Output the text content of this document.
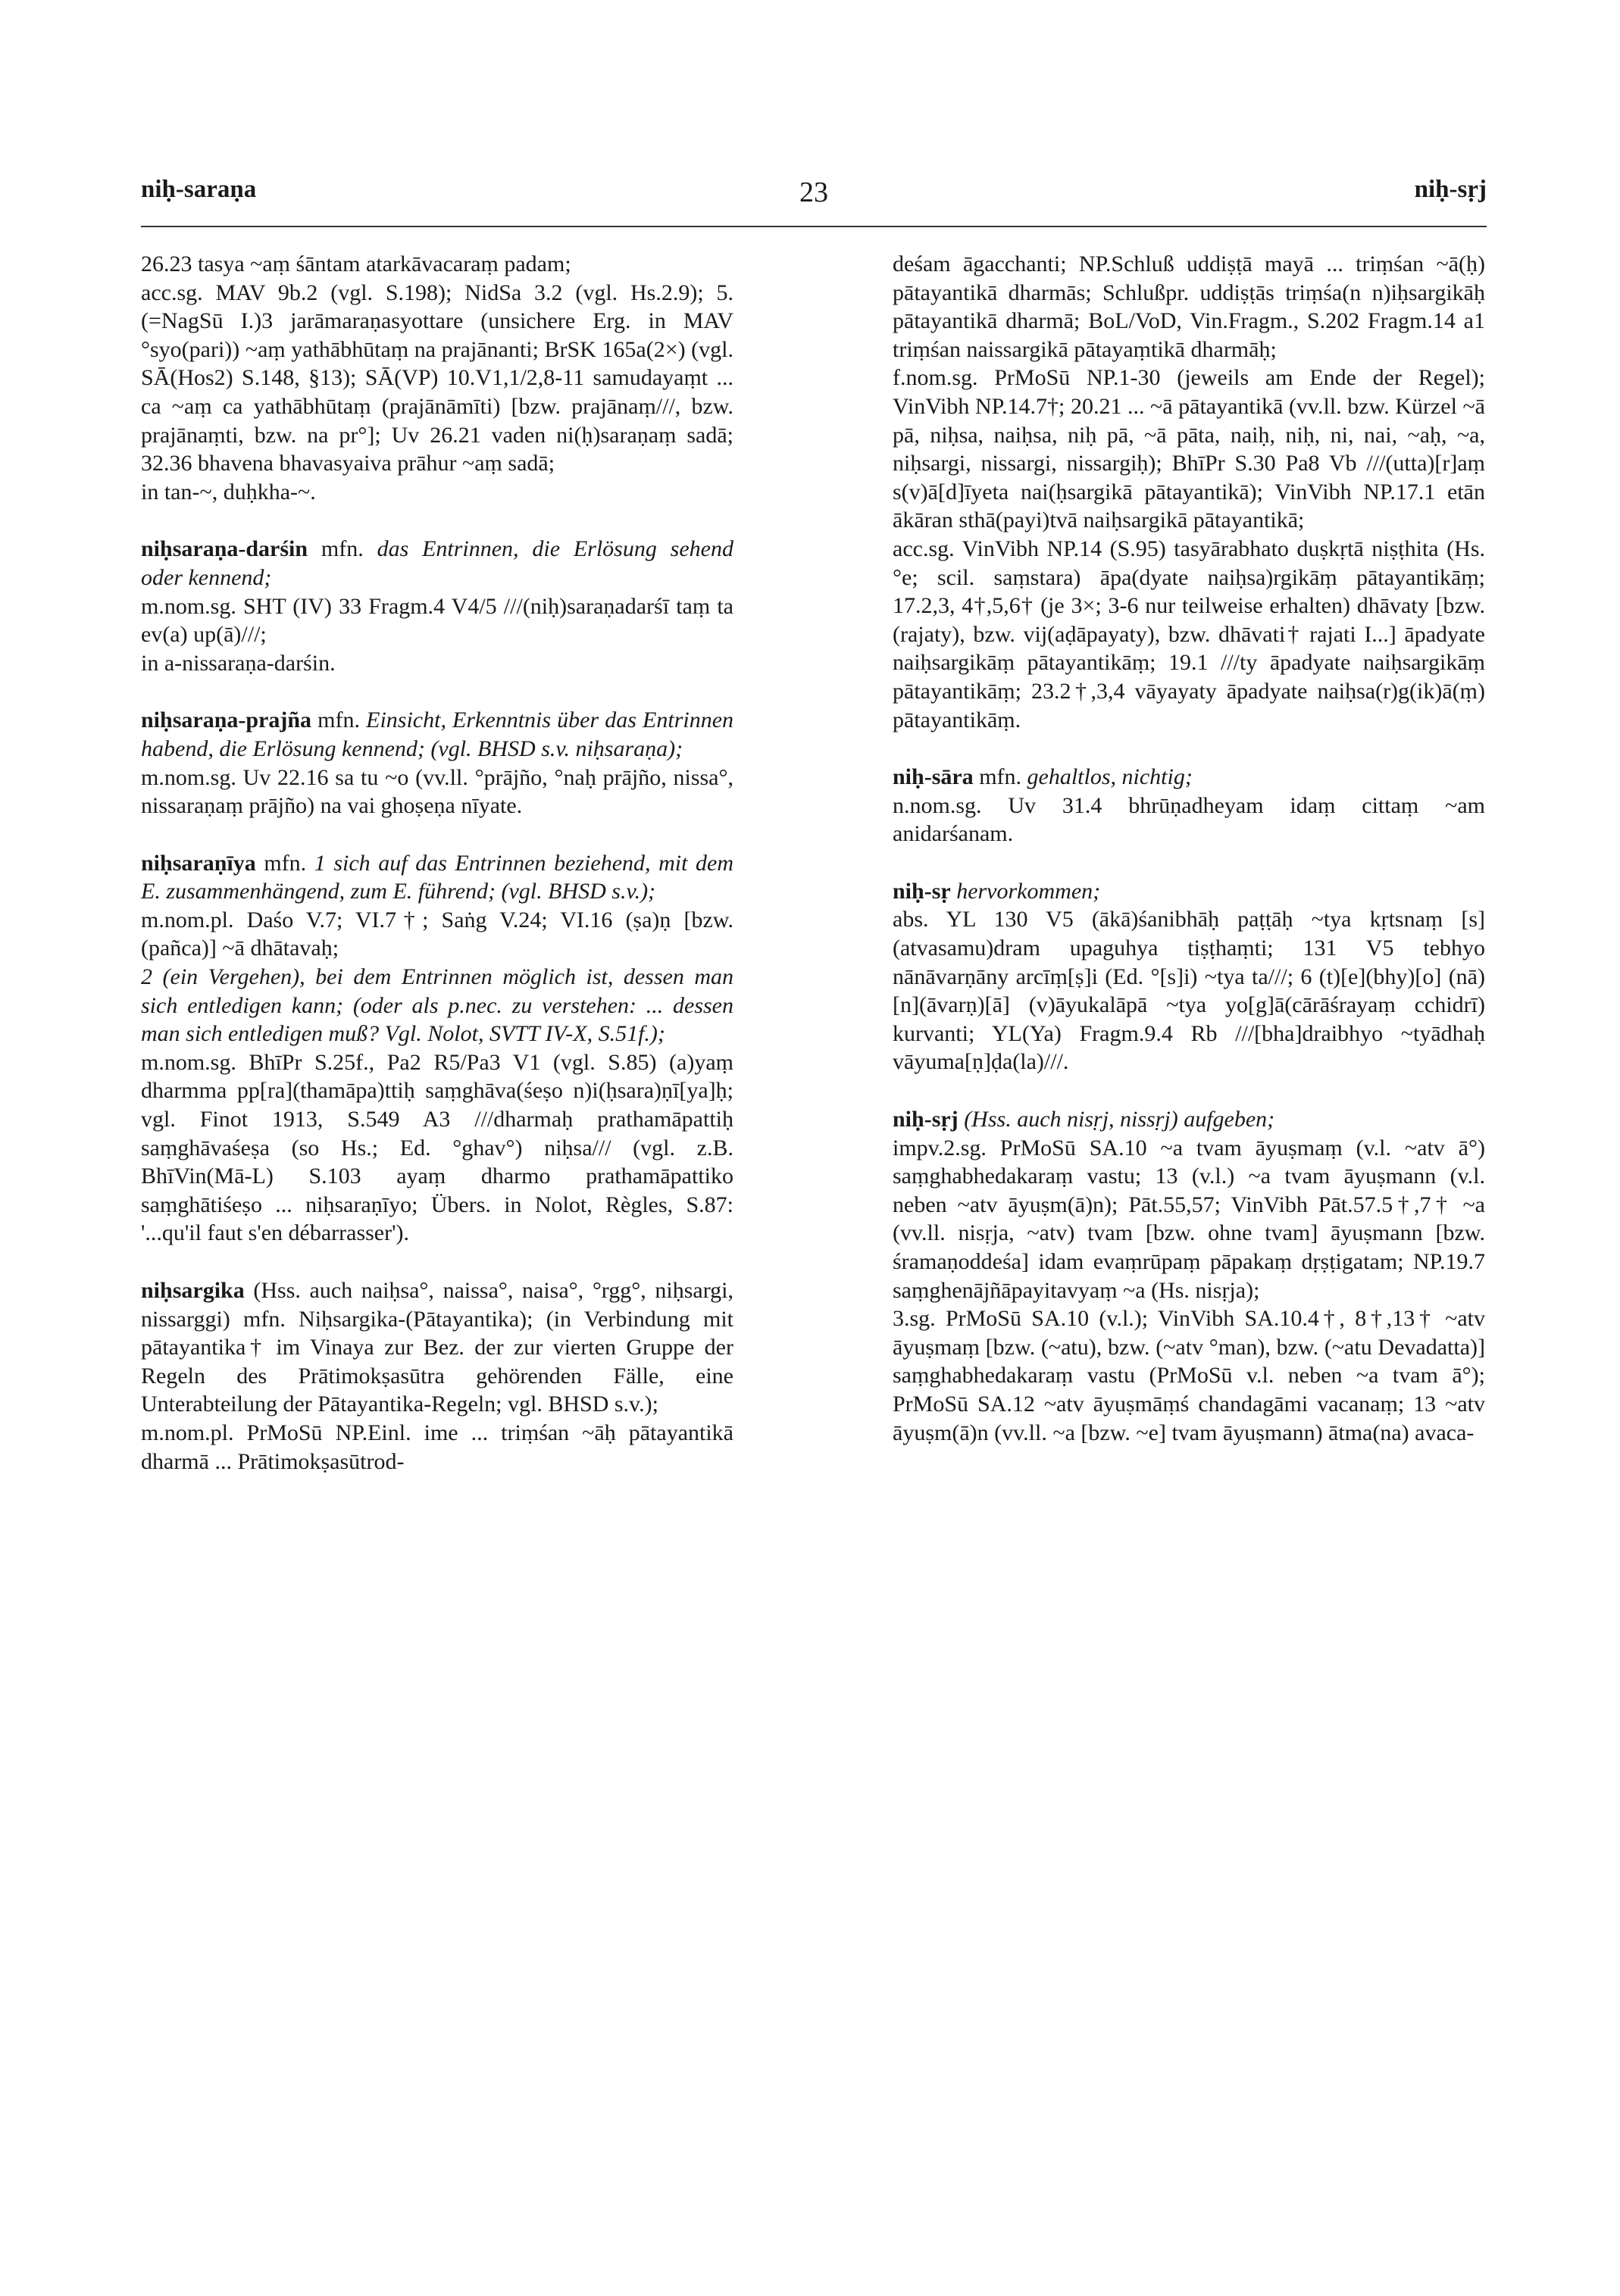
niḥ-saraṇa	23	niḥ-sṛj

26.23 tasya ~aṃ śāntam atarkāvacaraṃ padam;

acc.sg. MAV 9b.2 (vgl. S.198); NidSa 3.2 (vgl. Hs.2.9); 5.(=NagSū I.)3 jarāmaraṇasyottare (unsichere Erg. in MAV °syo(pari)) ~aṃ yathābhūtaṃ na prajānanti; BrSK 165a(2×) (vgl. SĀ(Hos2) S.148, §13); SĀ(VP) 10.V1,1/2,8-11 samudayaṃt ... ca ~aṃ ca yathābhūtaṃ (prajānāmīti) [bzw. prajānaṃ///, bzw. prajānaṃti, bzw. na pr°]; Uv 26.21 vaden ni(ḥ)saraṇaṃ sadā; 32.36 bhavena bhavasyaiva prāhur ~aṃ sadā;

in tan-~, duḥkha-~.

niḥsaraṇa-darśin mfn. das Entrinnen, die Erlösung sehend oder kennend;

m.nom.sg. SHT (IV) 33 Fragm.4 V4/5 ///(niḥ)saraṇadarśī taṃ ta ev(a) up(ā)///;

in a-nissaraṇa-darśin.

niḥsaraṇa-prajña mfn. Einsicht, Erkenntnis über das Entrinnen habend, die Erlösung kennend; (vgl. BHSD s.v. niḥsaraṇa);

m.nom.sg. Uv 22.16 sa tu ~o (vv.ll. °prājño, °naḥ prājño, nissa°, nissaraṇaṃ prājño) na vai ghoṣeṇa nīyate.

niḥsaraṇīya mfn. 1 sich auf das Entrinnen beziehend, mit dem E. zusammenhängend, zum E. führend; (vgl. BHSD s.v.);

m.nom.pl. Daśo V.7; VI.7†; Saṅg V.24; VI.16 (ṣa)ṇ [bzw. (pañca)] ~ā dhātavaḥ;

2 (ein Vergehen), bei dem Entrinnen möglich ist, dessen man sich entledigen kann; (oder als p.nec. zu verstehen: ... dessen man sich entledigen muß? Vgl. Nolot, SVTT IV-X, S.51f.);

m.nom.sg. BhīPr S.25f., Pa2 R5/Pa3 V1 (vgl. S.85) (a)yaṃ dharmma pp[ra](thamāpa)ttiḥ saṃghāva(śeṣo n)i(ḥsara)ṇī[ya]ḥ; vgl. Finot 1913, S.549 A3 ///dharmaḥ prathamāpattiḥ saṃghāvaśeṣa (so Hs.; Ed. °ghav°) niḥsa/// (vgl. z.B. BhīVin(Mā-L) S.103 ayaṃ dharmo prathamāpattiko saṃghātiśeṣo ... niḥsaraṇīyo; Übers. in Nolot, Règles, S.87: '...qu'il faut s'en débarrasser').

niḥsargika (Hss. auch naiḥsa°, naissa°, naisa°, °rgg°, niḥsargi, nissarggi) mfn. Niḥsargika-(Pātayantika); (in Verbindung mit pātayantika† im Vinaya zur Bez. der zur vierten Gruppe der Regeln des Prātimokṣasūtra gehörenden Fälle, eine Unterabteilung der Pātayantika-Regeln; vgl. BHSD s.v.);

m.nom.pl. PrMoSū NP.Einl. ime ... triṃśan ~āḥ pātayantikā dharmā ... Prātimokṣasūtrod-

deśam āgacchanti; NP.Schluß uddiṣṭā mayā ... triṃśan ~ā(ḥ) pātayantikā dharmās; Schlußpr. uddiṣṭās triṃśa(n n)iḥsargikāḥ pātayantikā dharmā; BoL/VoD, Vin.Fragm., S.202 Fragm.14 a1 triṃśan naissargikā pātayaṃtikā dharmāḥ;

f.nom.sg. PrMoSū NP.1-30 (jeweils am Ende der Regel); VinVibh NP.14.7†; 20.21 ... ~ā pātayantikā (vv.ll. bzw. Kürzel ~ā pā, niḥsa, naiḥsa, niḥ pā, ~ā pāta, naiḥ, niḥ, ni, nai, ~aḥ, ~a, niḥsargi, nissargi, nissargiḥ); BhīPr S.30 Pa8 Vb ///(utta)[r]aṃ s(v)ā[d]īyeta nai(ḥsargikā pātayantikā); VinVibh NP.17.1 etān ākāran sthā(payi)tvā naiḥsargikā pātayantikā;

acc.sg. VinVibh NP.14 (S.95) tasyārabhato duṣkṛtā niṣṭhita (Hs. °e; scil. saṃstara) āpa(dyate naiḥsa)rgikāṃ pātayantikāṃ; 17.2,3, 4†,5,6† (je 3×; 3-6 nur teilweise erhalten) dhāvaty [bzw. (rajaty), bzw. vij(aḍāpayaty), bzw. dhāvati† rajati I...] āpadyate naiḥsargikāṃ pātayantikāṃ; 19.1 ///ty āpadyate naiḥsargikāṃ pātayantikāṃ; 23.2†,3,4 vāyayaty āpadyate naiḥsa(r)g(ik)ā(ṃ) pātayantikāṃ.

niḥ-sāra mfn. gehaltlos, nichtig;

n.nom.sg. Uv 31.4 bhrūṇadheyam idaṃ cittaṃ ~am anidarśanam.

niḥ-sṛ hervorkommen;

abs. YL 130 V5 (ākā)śanibhāḥ paṭṭāḥ ~tya kṛtsnaṃ [s](atvasamu)dram upaguhya tiṣṭhaṃti; 131 V5 tebhyo nānāvarṇāny arcīṃ[ṣ]i (Ed. °[s]i) ~tya ta///; 6 (t)[e](bhy)[o] (nā)[n](āvarṇ)[ā] (v)āyukalāpā ~tya yo[g]ā(cārāśrayaṃ cchidrī) kurvanti; YL(Ya) Fragm.9.4 Rb ///[bha]draibhyo ~tyādhaḥ vāyuma[ṇ]ḍa(la)///.

niḥ-sṛj (Hss. auch nisṛj, nissṛj) aufgeben;

impv.2.sg. PrMoSū SA.10 ~a tvam āyuṣmaṃ (v.l. ~atv ā°) saṃghabhedakaraṃ vastu; 13 (v.l.) ~a tvam āyuṣmann (v.l. neben ~atv āyuṣm(ā)n); Pāt.55,57; VinVibh Pāt.57.5†,7† ~a (vv.ll. nisṛja, ~atv) tvam [bzw. ohne tvam] āyuṣmann [bzw. śramaṇoddeśa] idam evaṃrūpaṃ pāpakaṃ dṛṣṭigatam; NP.19.7 saṃghenājñāpayitavyaṃ ~a (Hs. nisṛja);

3.sg. PrMoSū SA.10 (v.l.); VinVibh SA.10.4†, 8†,13† ~atv āyuṣmaṃ [bzw. (~atu), bzw. (~atv °man), bzw. (~atu Devadatta)] saṃghabhedakaraṃ vastu (PrMoSū v.l. neben ~a tvam ā°); PrMoSū SA.12 ~atv āyuṣmāṃś chandagāmi vacanaṃ; 13 ~atv āyuṣm(ā)n (vv.ll. ~a [bzw. ~e] tvam āyuṣmann) ātma(na) avaca-
